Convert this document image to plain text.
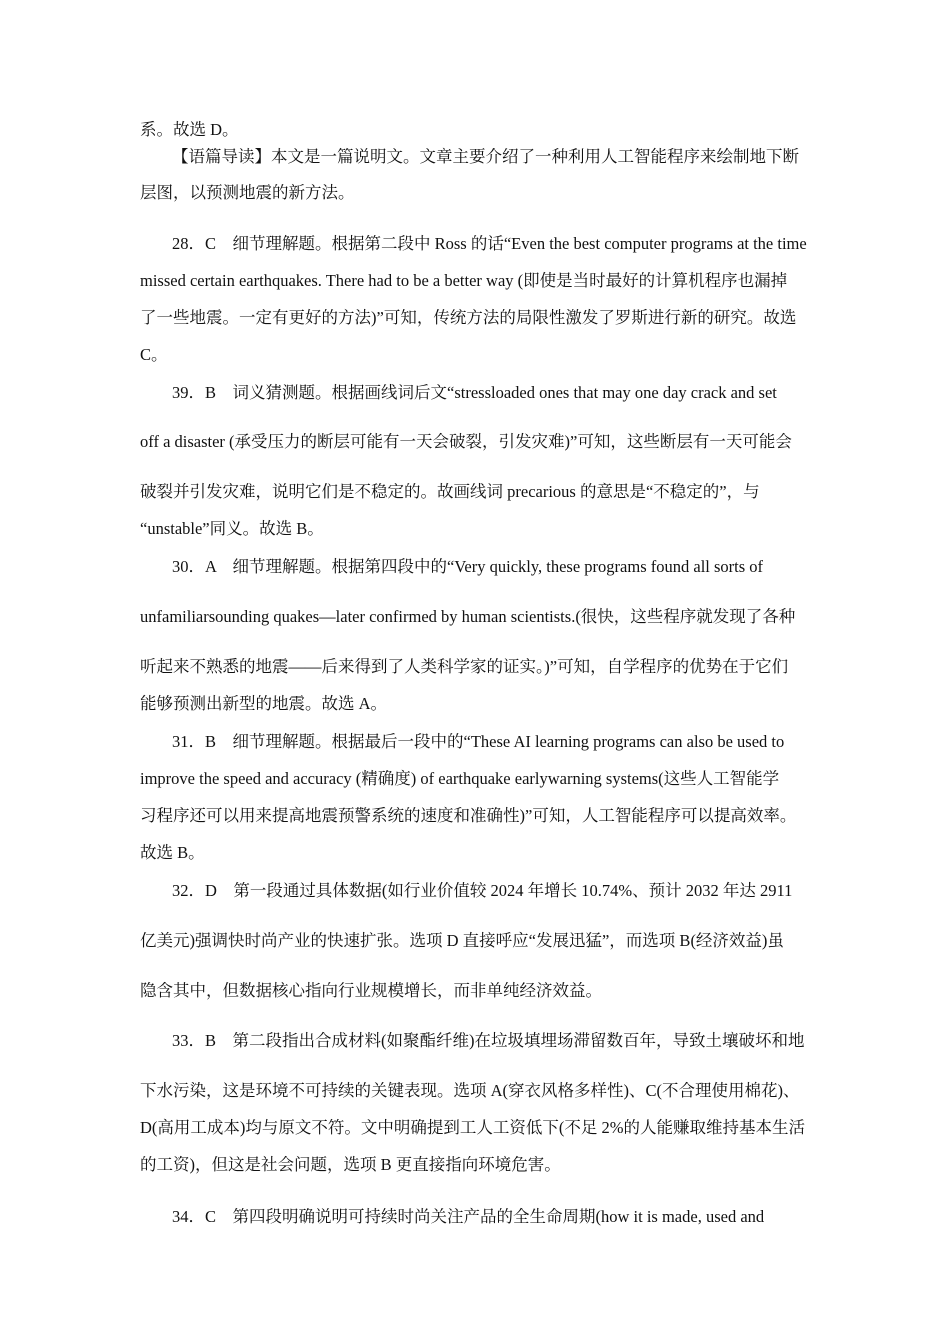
系。故选 D。
【语篇导读】本文是一篇说明文。文章主要介绍了一种利用人工智能程序来绘制地下断
层图，以预测地震的新方法。
28．C　细节理解题。根据第二段中 Ross 的话“Even the best computer programs at the time
missed certain earthquakes. There had to be a better way (即使是当时最好的计算机程序也漏掉
了一些地震。一定有更好的方法)”可知，传统方法的局限性激发了罗斯进行新的研究。故选
C。
39．B　词义猜测题。根据画线词后文“stressloaded ones that may one day crack and set
off a disaster (承受压力的断层可能有一天会破裂，引发灾难)”可知，这些断层有一天可能会
破裂并引发灾难，说明它们是不稳定的。故画线词 precarious 的意思是“不稳定的”，与
“unstable”同义。故选 B。
30．A　细节理解题。根据第四段中的“Very quickly, these programs found all sorts of
unfamiliarsounding quakes—later confirmed by human scientists.(很快，这些程序就发现了各种
听起来不熟悉的地震——后来得到了人类科学家的证实。)”可知，自学程序的优势在于它们
能够预测出新型的地震。故选 A。
31．B　细节理解题。根据最后一段中的“These AI learning programs can also be used to
improve the speed and accuracy (精确度) of earthquake earlywarning systems(这些人工智能学
习程序还可以用来提高地震预警系统的速度和准确性)”可知，人工智能程序可以提高效率。
故选 B。
32．D　第一段通过具体数据(如行业价值较 2024 年增长 10.74%、预计 2032 年达 2911
亿美元)强调快时尚产业的快速扩张。选项 D 直接呼应“发展迅猛”，而选项 B(经济效益)虽
隐含其中，但数据核心指向行业规模增长，而非单纯经济效益。
33．B　第二段指出合成材料(如聚酯纤维)在垃圾填埋场滞留数百年，导致土壤破坏和地
下水污染，这是环境不可持续的关键表现。选项 A(穿衣风格多样性)、C(不合理使用棉花)、
D(高用工成本)均与原文不符。文中明确提到工人工资低下(不足 2%的人能赚取维持基本生活
的工资)，但这是社会问题，选项 B 更直接指向环境危害。
34．C　第四段明确说明可持续时尚关注产品的全生命周期(how it is made, used and
